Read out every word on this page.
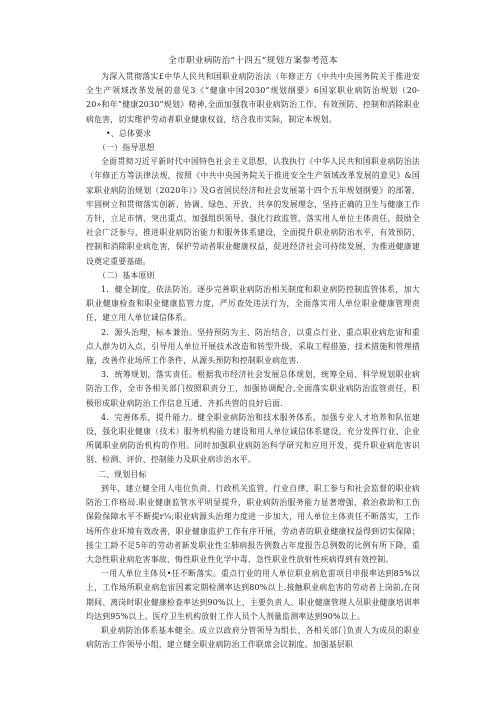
全市职业病防治“十四五”规划方案参考范本

为深入贯彻落实£中华人民共和国职业病防治法（年修正方《中共中央国务院关于推进安全生产领域改革发展的意见3《“健康中国2030”规划纲要》6国家职业病防治规划（20-20»和年”健康2030”规划》精神,全面加强我市职业病防治工作，有效预防、控制和消除职业病危害，切实维护劳动者职业健康权益，结合我市实际，制定本规划。

•、总体要求

（一）指导思想

全面贯彻习近平新时代中国特色社会主义思想，认我执行《中华人民共和国职业病防治法（年修正方等法律法规，按照《中共中央国务院关于推进安全生产领域改革发展的意见》&国家职业病防治规划（2020年）》及G省国民经济和社会发展第十四个五年规划纲要》的部署，牢固树立和贯彻落实创新、协调、绿色、开放、共享的发展理念，坚持正确的卫生与健康工作方针，立足市情，突出重点，加强组织领导，强化行政监管，落实用人单位主体责任，鼓励全社会广泛参与，推进职业病防治能力和服务体系建设，全面提升职业病防治水平，有效预防、控制和消除职业病危害，保护劳动者职业健康权益，促进经济社会可持续发展，为推进健康建设奠定重要基础。

（二）基本原则

1．健全制度，依法防治。逐步完善职业病防治相关制度和职业病防控制监管体系，加大职业健康检查和职业健康监管力度，严厉查处违法行为，全面落实用人单位职业健康管理责任，建立用人单位诚信体系。

2．源头治理，标本兼治。坚持预防为主、防治结合，以重点行业、重点职业病危宙和重点人群为切入点，引导用人单位开展技术改造和转型升级，采取工程措施、技术措施和管理措施，改善作业场所工作条件，从源头预防和控制职业病危害.

3．统筹规划，落实责任。根据我市经济社会发展总体规划，统筹全局、科学规划职业病防治工作，全市各相关部门按照职责分工，加强协调配合,全面落实职业病防治监管责任，积极形成职业病防治工作信息互通、齐抓共管的良好后面.

4．完善体系，提升能力。健全职业病防治和技术服务体系，加强专业人才培养和队伍建设，强化职业健康（技术）服务机构能力建设和用人单位诚信体系建设，充分发挥行业、企业所属职业病防治机构的作用。同时加强职业病防治科学研究和应用开发，提升职业病危害识别、检测、评价、控制能力及职业病诊治水平。

二、规划目标

到年，建立健全用人电位负责、行政机关监管、行业自律、职工参与和社会监督的职业病防治工作格局.职业健康监管水平明显提升，职业病防治服务能力显著增强，救治救助和工伤保险保障水平不断提r¼;职业病源头治理力度进一步加大，用人单位主体责任不断落实，工作场所作业环境有效改善，职业健康监护工作有序开展，劳动者的职业健康权益得到切实保障；接尘工龄不足5年的劳动者新发职业性尘肺病报告例数占年度报告总例数的比例有所下降，重大急性职业病危害事故、悔性职业性化学中毒、急性职业性放射性疾病得到有效控制。

一用人单位主体员•任不断落实。重点行业的用人单位职业病危雷项目申报率达到85%以上，工作场所职业病危宙因素定期检测率达到80%以上.接触职业病危害的劳动者上岗前,在岗期间、离岗时职业健康检查率达到90%以上，主要负责人、职业健康管理人员职业健康培训率均达到95%以上。医疗卫生机构放射工作人员个人剂量监测率达到90%以上。

职业病防治体系基本健全。成立以政府分管领导为组长、各相关部门负责人为成员的职业病防治工作领导小组，建立健全职业病防治工作联席会议制度。加强基层职
